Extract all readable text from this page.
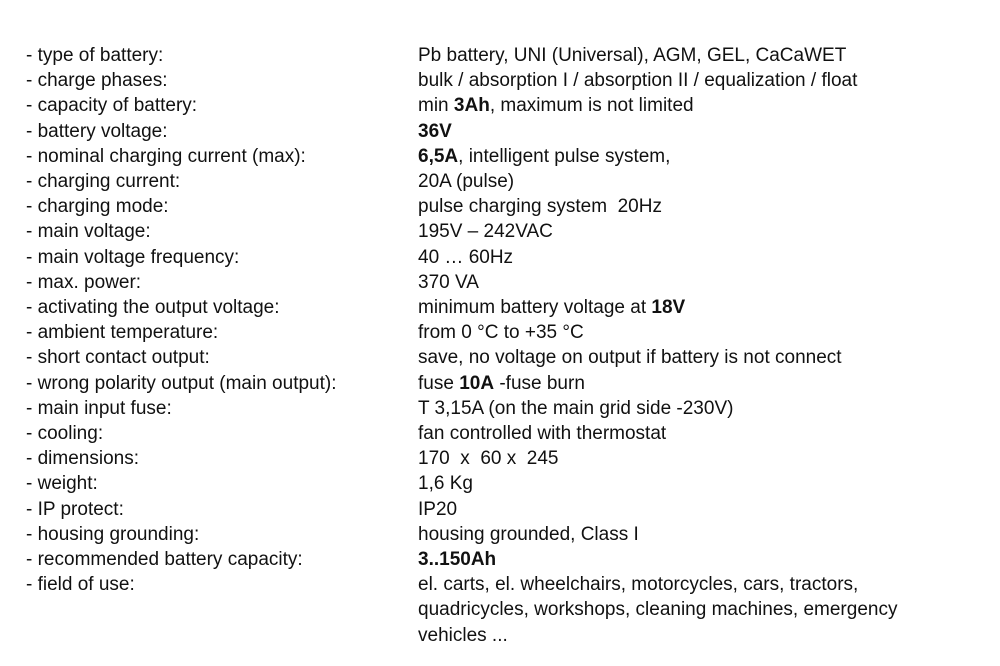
- type of battery:	Pb battery, UNI (Universal), AGM, GEL, CaCaWET
- charge phases:	bulk / absorption I / absorption II / equalization / float
- capacity of battery:	min 3Ah, maximum is not limited
- battery voltage:	36V
- nominal charging current (max):	6,5A, intelligent pulse system,
- charging current:	20A (pulse)
- charging mode:	pulse charging system  20Hz
- main voltage:	195V – 242VAC
- main voltage frequency:	40 … 60Hz
- max. power:	370 VA
- activating the output voltage:	minimum battery voltage at 18V
- ambient temperature:	from 0 °C to +35 °C
- short contact output:	save, no voltage on output if battery is not connect
- wrong polarity output (main output):	fuse 10A -fuse burn
- main input fuse:	T 3,15A (on the main grid side -230V)
- cooling:	fan controlled with thermostat
- dimensions:	170  x  60 x  245
- weight:	1,6 Kg
- IP protect:	IP20
- housing grounding:	housing grounded, Class I
- recommended battery capacity:	3..150Ah
- field of use:	el. carts, el. wheelchairs, motorcycles, cars, tractors,
quadricycles, workshops, cleaning machines, emergency
vehicles ...
